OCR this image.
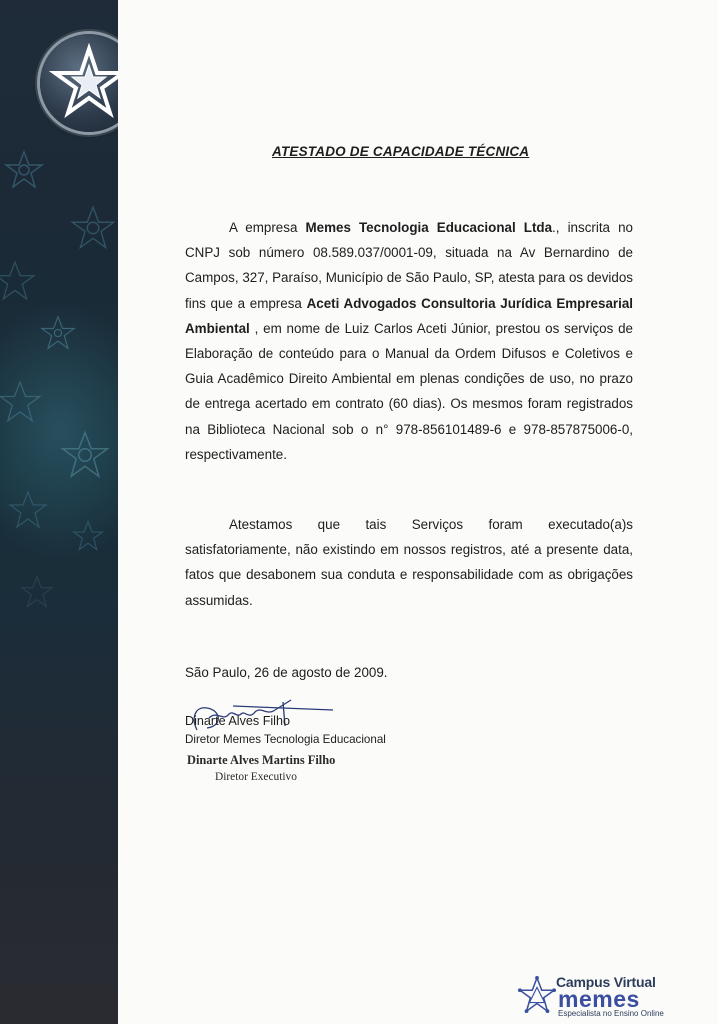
ATESTADO DE CAPACIDADE TÉCNICA
A empresa Memes Tecnologia Educacional Ltda., inscrita no CNPJ sob número 08.589.037/0001-09, situada na Av Bernardino de Campos, 327, Paraíso, Município de São Paulo, SP, atesta para os devidos fins que a empresa Aceti Advogados Consultoria Jurídica Empresarial Ambiental , em nome de Luiz Carlos Aceti Júnior, prestou os serviços de Elaboração de conteúdo para o Manual da Ordem Difusos e Coletivos e Guia Acadêmico Direito Ambiental em plenas condições de uso, no prazo de entrega acertado em contrato (60 dias). Os mesmos foram registrados na Biblioteca Nacional sob o n° 978-856101489-6 e 978-857875006-0, respectivamente.
Atestamos que tais Serviços foram executado(a)s satisfatoriamente, não existindo em nossos registros, até a presente data, fatos que desabonem sua conduta e responsabilidade com as obrigações assumidas.
São Paulo, 26 de agosto de 2009.
Dinarte Alves Filho
Diretor Memes Tecnologia Educacional
Dinarte Alves Martins Filho
Diretor Executivo
Campus Virtual
memes
Especialista no Ensino Online
